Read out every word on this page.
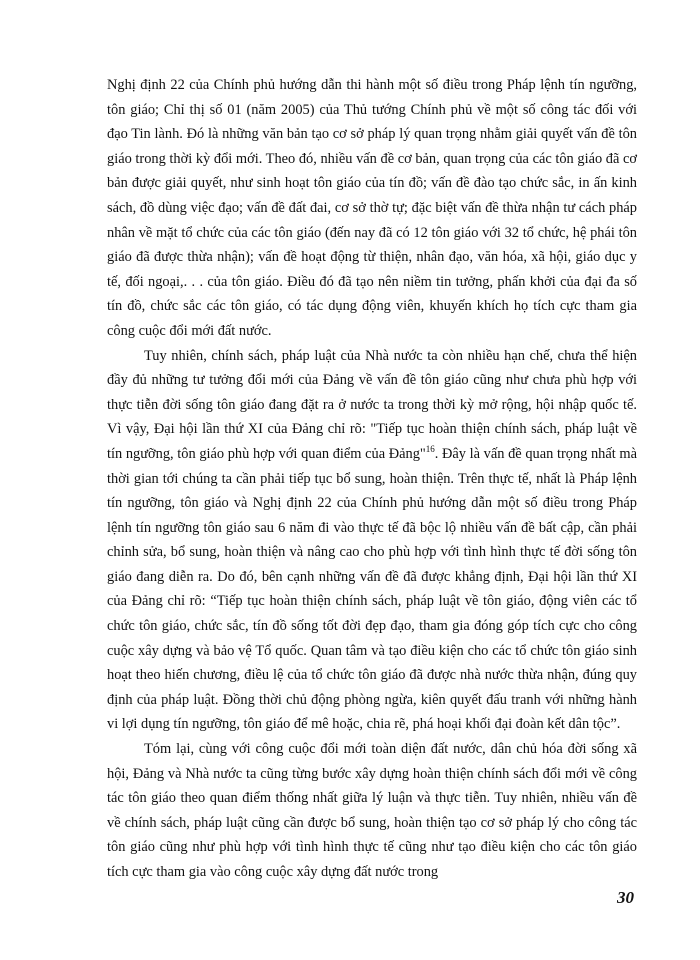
Nghị định 22 của Chính phủ hướng dẫn thi hành một số điều trong Pháp lệnh tín ngưỡng, tôn giáo; Chỉ thị số 01 (năm 2005) của Thủ tướng Chính phủ về một số công tác đối với đạo Tin lành. Đó là những văn bản tạo cơ sở pháp lý quan trọng nhằm giải quyết vấn đề tôn giáo trong thời kỳ đổi mới. Theo đó, nhiều vấn đề cơ bản, quan trọng của các tôn giáo đã cơ bản được giải quyết, như sinh hoạt tôn giáo của tín đồ; vấn đề đào tạo chức sắc, in ấn kinh sách, đồ dùng việc đạo; vấn đề đất đai, cơ sở thờ tự; đặc biệt vấn đề thừa nhận tư cách pháp nhân về mặt tổ chức của các tôn giáo (đến nay đã có 12 tôn giáo với 32 tổ chức, hệ phái tôn giáo đã được thừa nhận); vấn đề hoạt động từ thiện, nhân đạo, văn hóa, xã hội, giáo dục y tế, đối ngoại,. . . của tôn giáo. Điều đó đã tạo nên niềm tin tưởng, phấn khởi của đại đa số tín đồ, chức sắc các tôn giáo, có tác dụng động viên, khuyến khích họ tích cực tham gia công cuộc đổi mới đất nước.

Tuy nhiên, chính sách, pháp luật của Nhà nước ta còn nhiều hạn chế, chưa thể hiện đầy đủ những tư tưởng đổi mới của Đảng về vấn đề tôn giáo cũng như chưa phù hợp với thực tiễn đời sống tôn giáo đang đặt ra ở nước ta trong thời kỳ mở rộng, hội nhập quốc tế. Vì vậy, Đại hội lần thứ XI của Đảng chỉ rõ: "Tiếp tục hoàn thiện chính sách, pháp luật về tín ngưỡng, tôn giáo phù hợp với quan điểm của Đảng"$^{16}$. Đây là vấn đề quan trọng nhất mà thời gian tới chúng ta cần phải tiếp tục bổ sung, hoàn thiện. Trên thực tế, nhất là Pháp lệnh tín ngưỡng, tôn giáo và Nghị định 22 của Chính phủ hướng dẫn một số điều trong Pháp lệnh tín ngưỡng tôn giáo sau 6 năm đi vào thực tế đã bộc lộ nhiều vấn đề bất cập, cần phải chỉnh sửa, bổ sung, hoàn thiện và nâng cao cho phù hợp với tình hình thực tế đời sống tôn giáo đang diễn ra. Do đó, bên cạnh những vấn đề đã được khẳng định, Đại hội lần thứ XI của Đảng chỉ rõ: “Tiếp tục hoàn thiện chính sách, pháp luật về tôn giáo, động viên các tổ chức tôn giáo, chức sắc, tín đồ sống tốt đời đẹp đạo, tham gia đóng góp tích cực cho công cuộc xây dựng và bảo vệ Tổ quốc. Quan tâm và tạo điều kiện cho các tổ chức tôn giáo sinh hoạt theo hiến chương, điều lệ của tổ chức tôn giáo đã được nhà nước thừa nhận, đúng quy định của pháp luật. Đồng thời chủ động phòng ngừa, kiên quyết đấu tranh với những hành vi lợi dụng tín ngưỡng, tôn giáo để mê hoặc, chia rẽ, phá hoại khối đại đoàn kết dân tộc”.

Tóm lại, cùng với công cuộc đổi mới toàn diện đất nước, dân chủ hóa đời sống xã hội, Đảng và Nhà nước ta cũng từng bước xây dựng hoàn thiện chính sách đổi mới về công tác tôn giáo theo quan điểm thống nhất giữa lý luận và thực tiễn. Tuy nhiên, nhiều vấn đề về chính sách, pháp luật cũng cần được bổ sung, hoàn thiện tạo cơ sở pháp lý cho công tác tôn giáo cũng như phù hợp với tình hình thực tế cũng như tạo điều kiện cho các tôn giáo tích cực tham gia vào công cuộc xây dựng đất nước trong

30
